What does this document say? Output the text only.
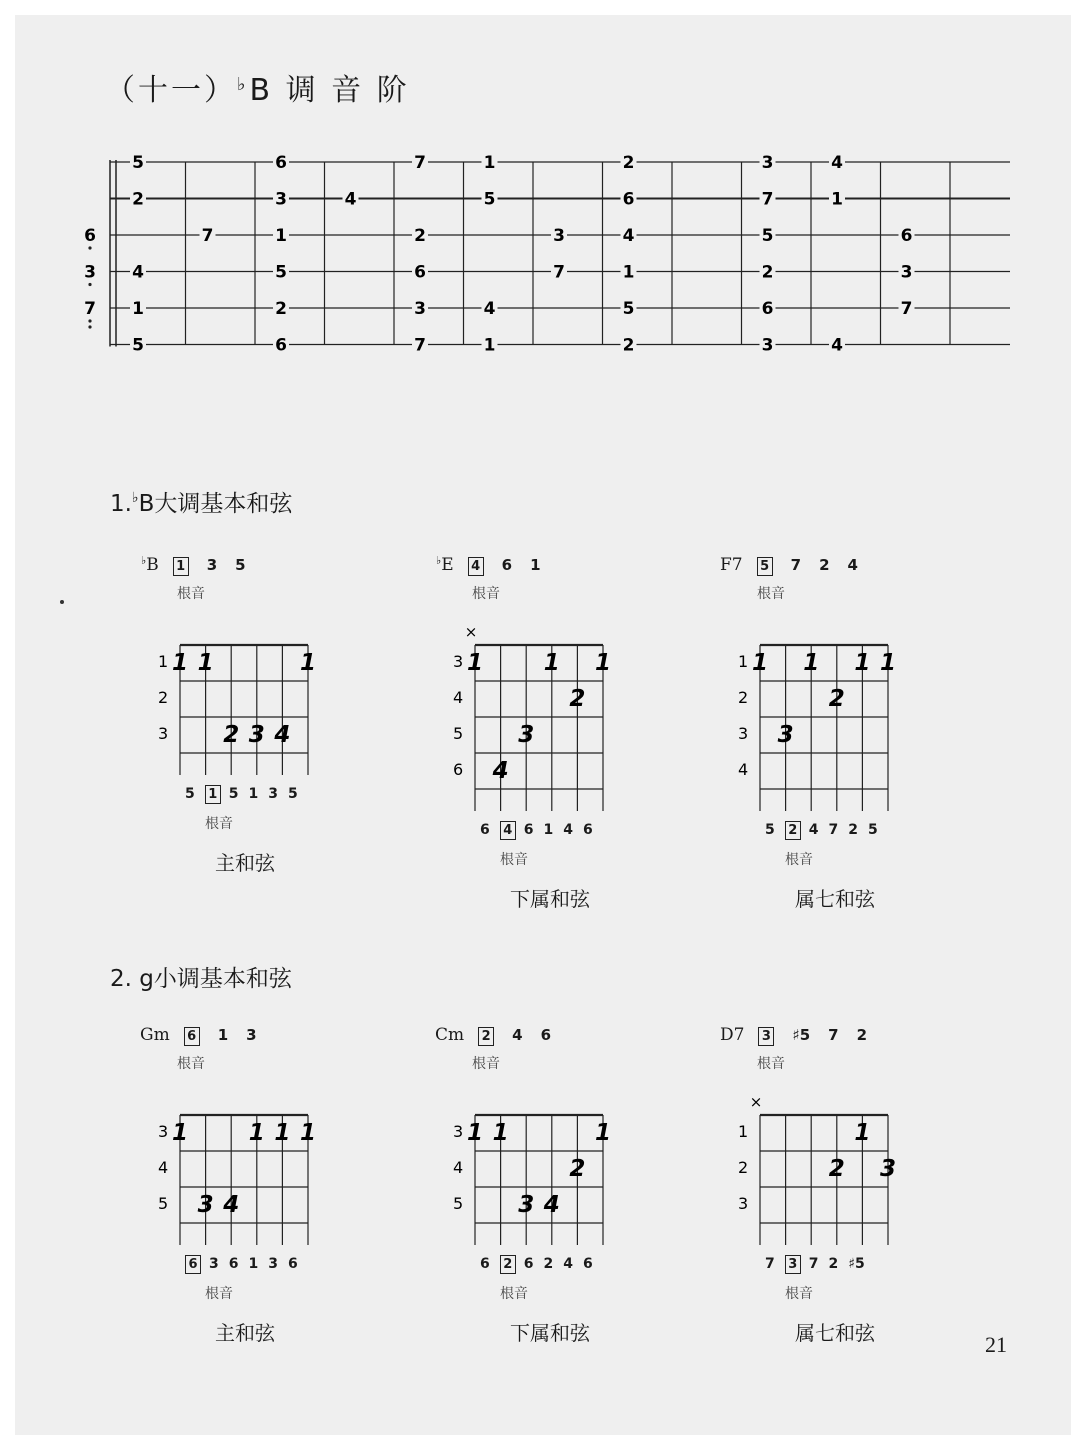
（十一）♭B 调 音 阶
6
3
7
5	6	7	1	2	3	4
2	3	4	5	6	7	1
7	1	2	3	4	5	6
4	5	6	7	1	2	3
1	2	3	4	5	6	7
5	6	7	1	2	3	4
1.♭B大调基本和弦
2. g小调基本和弦
♭B 1 3 5
根音
1
2
3
1 1	1
2 3 4
5 1 5 1 3 5
根音
主和弦
♭E 4 6 1
根音
3
4
5
6
×
1	1 1
2
3
4
6 4 6 1 4 6
根音
下属和弦
F7 5 7 2 4
根音
1
2
3
4
1 1 1 1
2
3
5 2 4 7 2 5
根音
属七和弦
Gm 6 1 3
根音
3
4
5
1	1 1 1
3 4
6 3 6 1 3 6
根音
主和弦
Cm 2 4 6
根音
3
4
5
1 1	1
2
3 4
6 2 6 2 4 6
根音
下属和弦
D7 3 ♯5 7 2
根音
1
2
3
×
1
2 3
7 3 7 2 ♯5
根音
属七和弦	21
